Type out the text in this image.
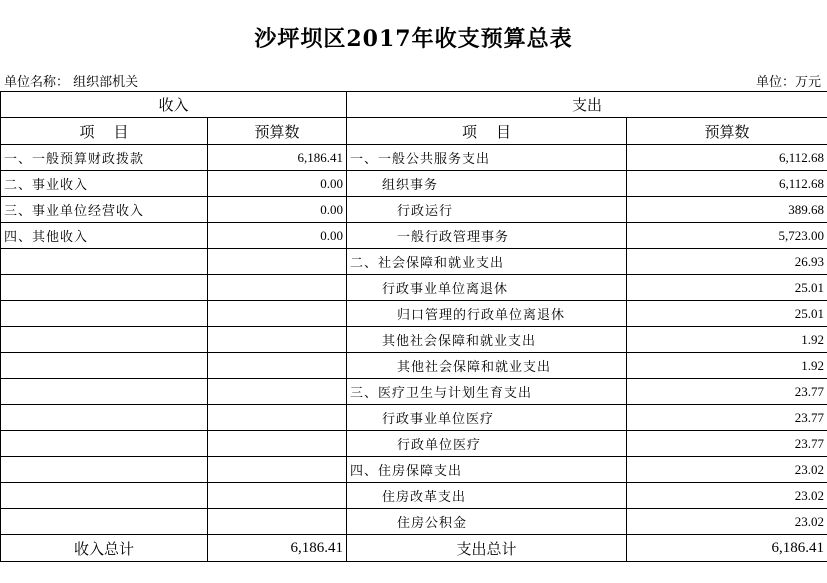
沙坪坝区2017年收支预算总表
单位名称： 组织部机关	单位：万元
收入		支出	
项    目	预算数	项    目	预算数
一、一般预算财政拨款	6,186.41	一、一般公共服务支出	6,112.68
二、事业收入	0.00	组织事务	6,112.68
三、事业单位经营收入	0.00	行政运行	389.68
四、其他收入	0.00	一般行政管理事务	5,723.00
		二、社会保障和就业支出	26.93
		行政事业单位离退休	25.01
		归口管理的行政单位离退休	25.01
		其他社会保障和就业支出	1.92
		其他社会保障和就业支出	1.92
		三、医疗卫生与计划生育支出	23.77
		行政事业单位医疗	23.77
		行政单位医疗	23.77
		四、住房保障支出	23.02
		住房改革支出	23.02
		住房公积金	23.02
收入总计	6,186.41	支出总计	6,186.41
